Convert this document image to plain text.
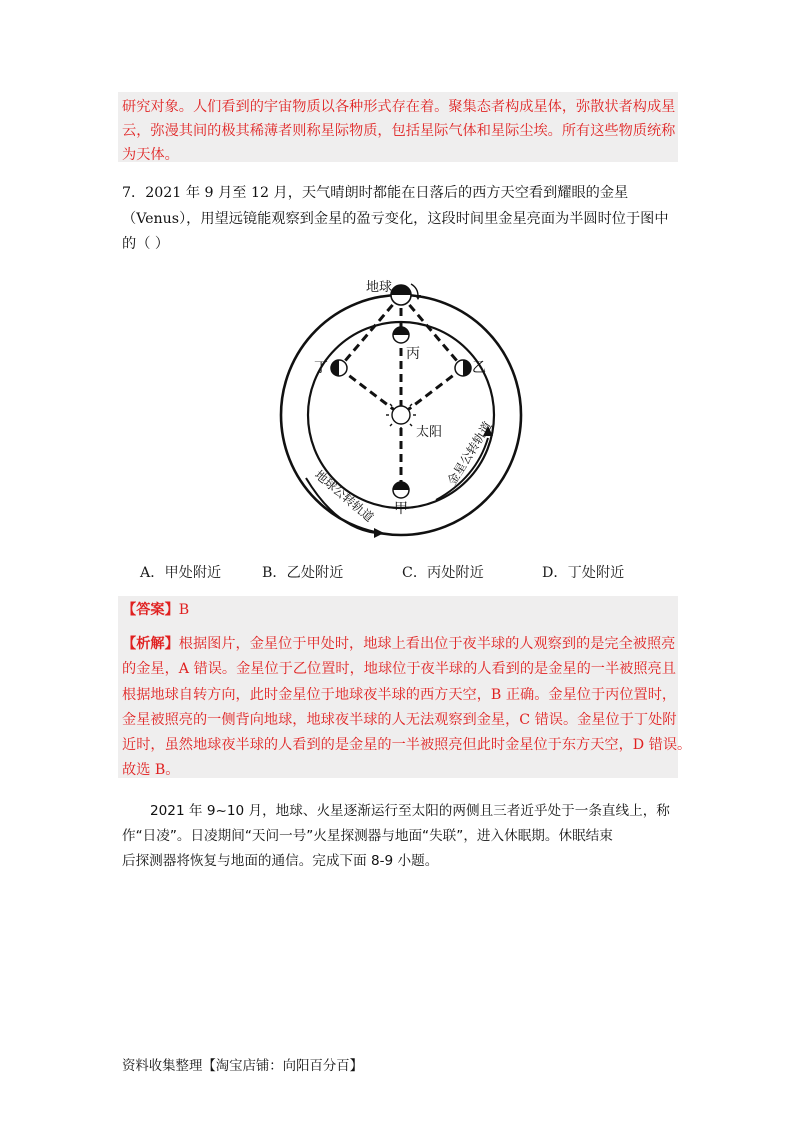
研究对象。人们看到的宇宙物质以各种形式存在着。聚集态者构成星体，弥散状者构成星
云，弥漫其间的极其稀薄者则称星际物质，包括星际气体和星际尘埃。所有这些物质统称
为天体。
7．2021 年 9 月至 12 月，天气晴朗时都能在日落后的西方天空看到耀眼的金星
（Venus），用望远镜能观察到金星的盈亏变化，这段时间里金星亮面为半圆时位于图中
的（ ）
地球
丙
丁	乙
太阳
甲
地球公转轨道
金星公转轨道
A．甲处附近	B．乙处附近	C．丙处附近	D．丁处附近
【答案】B
【析解】根据图片，金星位于甲处时，地球上看出位于夜半球的人观察到的是完全被照亮
的金星，A 错误。金星位于乙位置时，地球位于夜半球的人看到的是金星的一半被照亮且
根据地球自转方向，此时金星位于地球夜半球的西方天空，B 正确。金星位于丙位置时，
金星被照亮的一侧背向地球，地球夜半球的人无法观察到金星，C 错误。金星位于丁处附
近时，虽然地球夜半球的人看到的是金星的一半被照亮但此时金星位于东方天空，D 错误。
故选 B。
2021 年 9~10 月，地球、火星逐渐运行至太阳的两侧且三者近乎处于一条直线上，称
作“日凌”。日凌期间“天问一号”火星探测器与地面“失联”，进入休眠期。休眠结束
后探测器将恢复与地面的通信。完成下面 8-9 小题。
资料收集整理【淘宝店铺：向阳百分百】
